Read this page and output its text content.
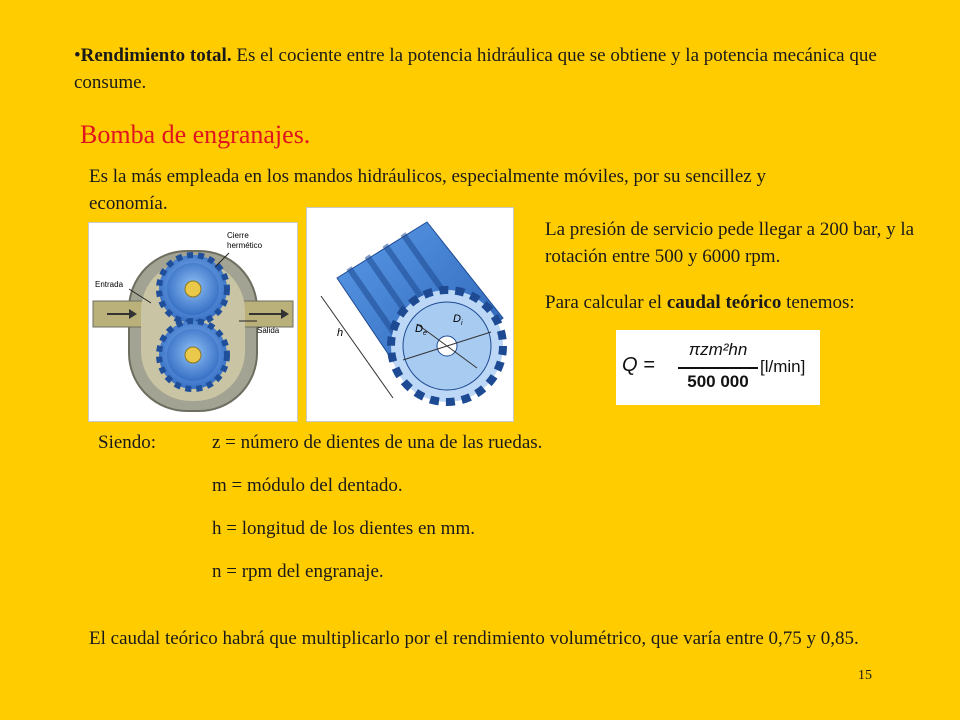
•Rendimiento total. Es el cociente entre la potencia hidráulica que se obtiene y la potencia mecánica que consume.
Bomba de engranajes.
Es la más empleada en los mandos hidráulicos, especialmente móviles, por su sencillez y economía.
Cierre
hermético
Entrada
Salida	h	$D_e$
$D_i$
La presión de servicio pede llegar a 200 bar, y la rotación entre 500 y 6000 rpm.
Para calcular el caudal teórico tenemos:
Q =
πzm²hn
500 000
[l/min]
Siendo:	z = número de dientes de una de las ruedas.
m = módulo del dentado.
h = longitud de los dientes en mm.
n = rpm del engranaje.
El caudal teórico habrá que multiplicarlo por el rendimiento volumétrico, que varía entre 0,75 y 0,85.
15
